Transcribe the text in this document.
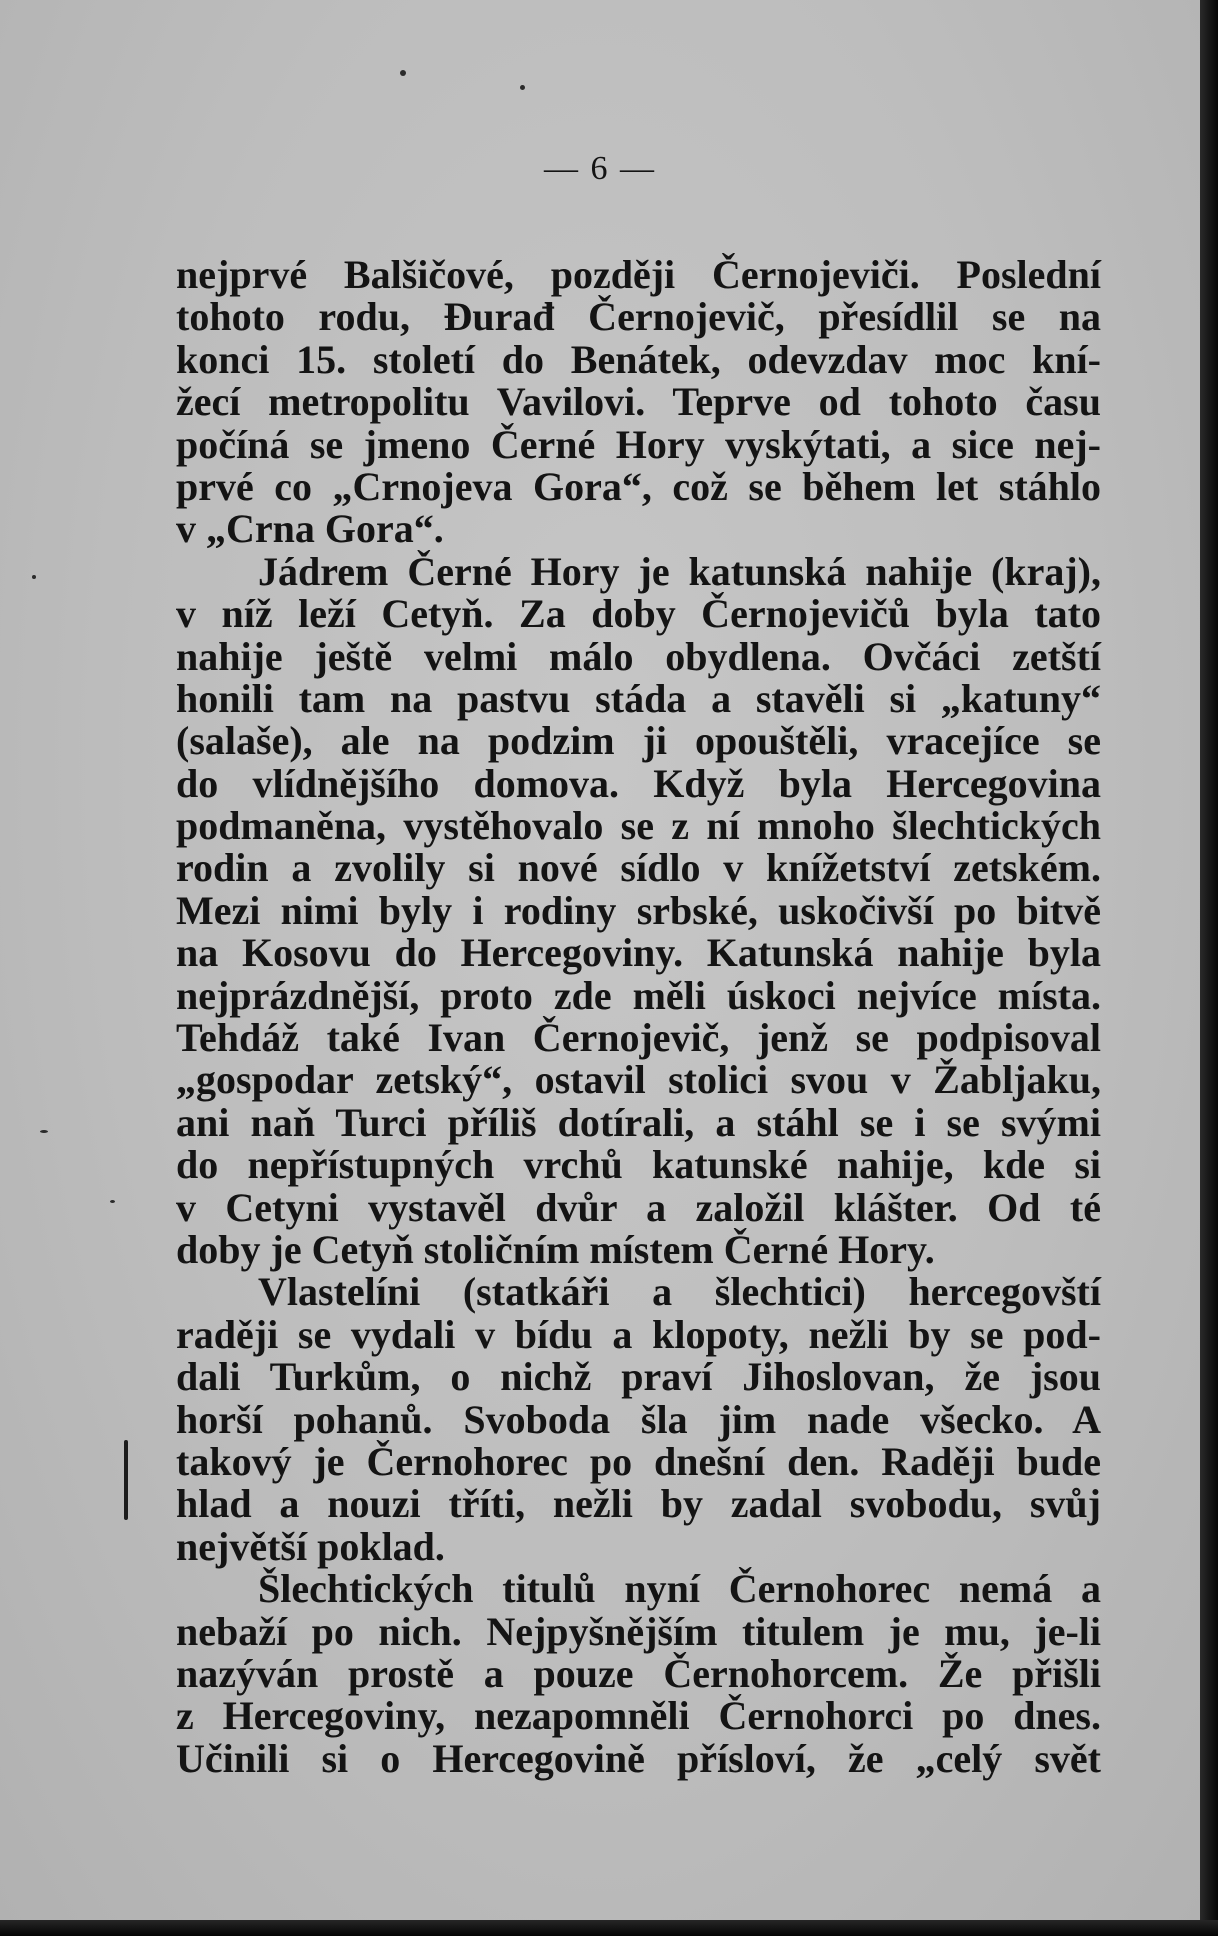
— 6 —
nejprvé Balšičové, později Černojeviči. Poslední
tohoto rodu, Đurađ Černojevič, přesídlil se na
konci 15. století do Benátek, odevzdav moc kní-
žecí metropolitu Vavilovi. Teprve od tohoto času
počíná se jmeno Černé Hory vyskýtati, a sice nej-
prvé co „Crnojeva Gora“, což se během let stáhlo
v „Crna Gora“.
Jádrem Černé Hory je katunská nahije (kraj),
v níž leží Cetyň. Za doby Černojevičů byla tato
nahije ještě velmi málo obydlena. Ovčáci zetští
honili tam na pastvu stáda a stavěli si „katuny“
(salaše), ale na podzim ji opouštěli, vracejíce se
do vlídnějšího domova. Když byla Hercegovina
podmaněna, vystěhovalo se z ní mnoho šlechtických
rodin a zvolily si nové sídlo v knížetství zetském.
Mezi nimi byly i rodiny srbské, uskočivší po bitvě
na Kosovu do Hercegoviny. Katunská nahije byla
nejprázdnější, proto zde měli úskoci nejvíce místa.
Tehdáž také Ivan Černojevič, jenž se podpisoval
„gospodar zetský“, ostavil stolici svou v Žabljaku,
ani naň Turci příliš dotírali, a stáhl se i se svými
do nepřístupných vrchů katunské nahije, kde si
v Cetyni vystavěl dvůr a založil klášter. Od té
doby je Cetyň stoličním místem Černé Hory.
Vlastelíni (statkáři a šlechtici) hercegovští
raději se vydali v bídu a klopoty, nežli by se pod-
dali Turkům, o nichž praví Jihoslovan, že jsou
horší pohanů. Svoboda šla jim nade všecko. A
takový je Černohorec po dnešní den. Raději bude
hlad a nouzi tříti, nežli by zadal svobodu, svůj
největší poklad.
Šlechtických titulů nyní Černohorec nemá a
nebaží po nich. Nejpyšnějším titulem je mu, je-li
nazýván prostě a pouze Černohorcem. Že přišli
z Hercegoviny, nezapomněli Černohorci po dnes.
Učinili si o Hercegovině přísloví, že „celý svět
